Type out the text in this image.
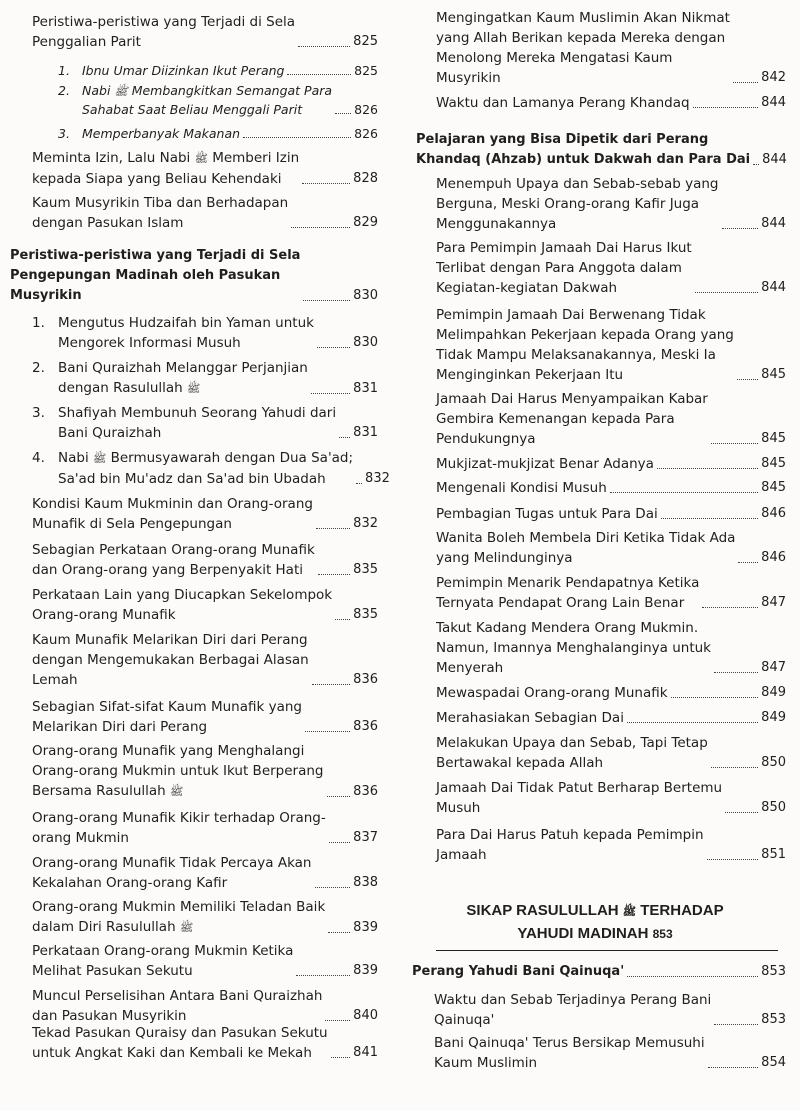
Peristiwa-peristiwa yang Terjadi di Sela
Penggalian Parit	825
1. Ibnu Umar Diizinkan Ikut Perang	825
2. Nabi ﷺ Membangkitkan Semangat Para
Sahabat Saat Beliau Menggali Parit	826
3. Memperbanyak Makanan	826
Meminta Izin, Lalu Nabi ﷺ Memberi Izin
kepada Siapa yang Beliau Kehendaki	828
Kaum Musyrikin Tiba dan Berhadapan
dengan Pasukan Islam	829
Peristiwa-peristiwa yang Terjadi di Sela
Pengepungan Madinah oleh Pasukan
Musyrikin	830
1. Mengutus Hudzaifah bin Yaman untuk
Mengorek Informasi Musuh	830
2. Bani Quraizhah Melanggar Perjanjian
dengan Rasulullah ﷺ	831
3. Shafiyah Membunuh Seorang Yahudi dari
Bani Quraizhah	831
4. Nabi ﷺ Bermusyawarah dengan Dua Sa'ad;
Sa'ad bin Mu'adz dan Sa'ad bin Ubadah	832
Kondisi Kaum Mukminin dan Orang-orang
Munafik di Sela Pengepungan	832
Sebagian Perkataan Orang-orang Munafik
dan Orang-orang yang Berpenyakit Hati	835
Perkataan Lain yang Diucapkan Sekelompok
Orang-orang Munafik	835
Kaum Munafik Melarikan Diri dari Perang
dengan Mengemukakan Berbagai Alasan
Lemah	836
Sebagian Sifat-sifat Kaum Munafik yang
Melarikan Diri dari Perang	836
Orang-orang Munafik yang Menghalangi
Orang-orang Mukmin untuk Ikut Berperang
Bersama Rasulullah ﷺ	836
Orang-orang Munafik Kikir terhadap Orang-
orang Mukmin	837
Orang-orang Munafik Tidak Percaya Akan
Kekalahan Orang-orang Kafir	838
Orang-orang Mukmin Memiliki Teladan Baik
dalam Diri Rasulullah ﷺ	839
Perkataan Orang-orang Mukmin Ketika
Melihat Pasukan Sekutu	839
Muncul Perselisihan Antara Bani Quraizhah
dan Pasukan Musyrikin	840
Tekad Pasukan Quraisy dan Pasukan Sekutu
untuk Angkat Kaki dan Kembali ke Mekah	841
Mengingatkan Kaum Muslimin Akan Nikmat
yang Allah Berikan kepada Mereka dengan
Menolong Mereka Mengatasi Kaum
Musyrikin	842
Waktu dan Lamanya Perang Khandaq	844
Pelajaran yang Bisa Dipetik dari Perang
Khandaq (Ahzab) untuk Dakwah dan Para Dai 844
Menempuh Upaya dan Sebab-sebab yang
Berguna, Meski Orang-orang Kafir Juga
Menggunakannya	844
Para Pemimpin Jamaah Dai Harus Ikut
Terlibat dengan Para Anggota dalam
Kegiatan-kegiatan Dakwah	844
Pemimpin Jamaah Dai Berwenang Tidak
Melimpahkan Pekerjaan kepada Orang yang
Tidak Mampu Melaksanakannya, Meski Ia
Menginginkan Pekerjaan Itu	845
Jamaah Dai Harus Menyampaikan Kabar
Gembira Kemenangan kepada Para
Pendukungnya	845
Mukjizat-mukjizat Benar Adanya	845
Mengenali Kondisi Musuh	845
Pembagian Tugas untuk Para Dai	846
Wanita Boleh Membela Diri Ketika Tidak Ada
yang Melindunginya	846
Pemimpin Menarik Pendapatnya Ketika
Ternyata Pendapat Orang Lain Benar	847
Takut Kadang Mendera Orang Mukmin.
Namun, Imannya Menghalanginya untuk
Menyerah	847
Mewaspadai Orang-orang Munafik	849
Merahasiakan Sebagian Dai	849
Melakukan Upaya dan Sebab, Tapi Tetap
Bertawakal kepada Allah	850
Jamaah Dai Tidak Patut Berharap Bertemu
Musuh	850
Para Dai Harus Patuh kepada Pemimpin
Jamaah	851
SIKAP RASULULLAH ﷺ TERHADAP
YAHUDI MADINAH 853
Perang Yahudi Bani Qainuqa'	853
Waktu dan Sebab Terjadinya Perang Bani
Qainuqa'	853
Bani Qainuqa' Terus Bersikap Memusuhi
Kaum Muslimin	854
